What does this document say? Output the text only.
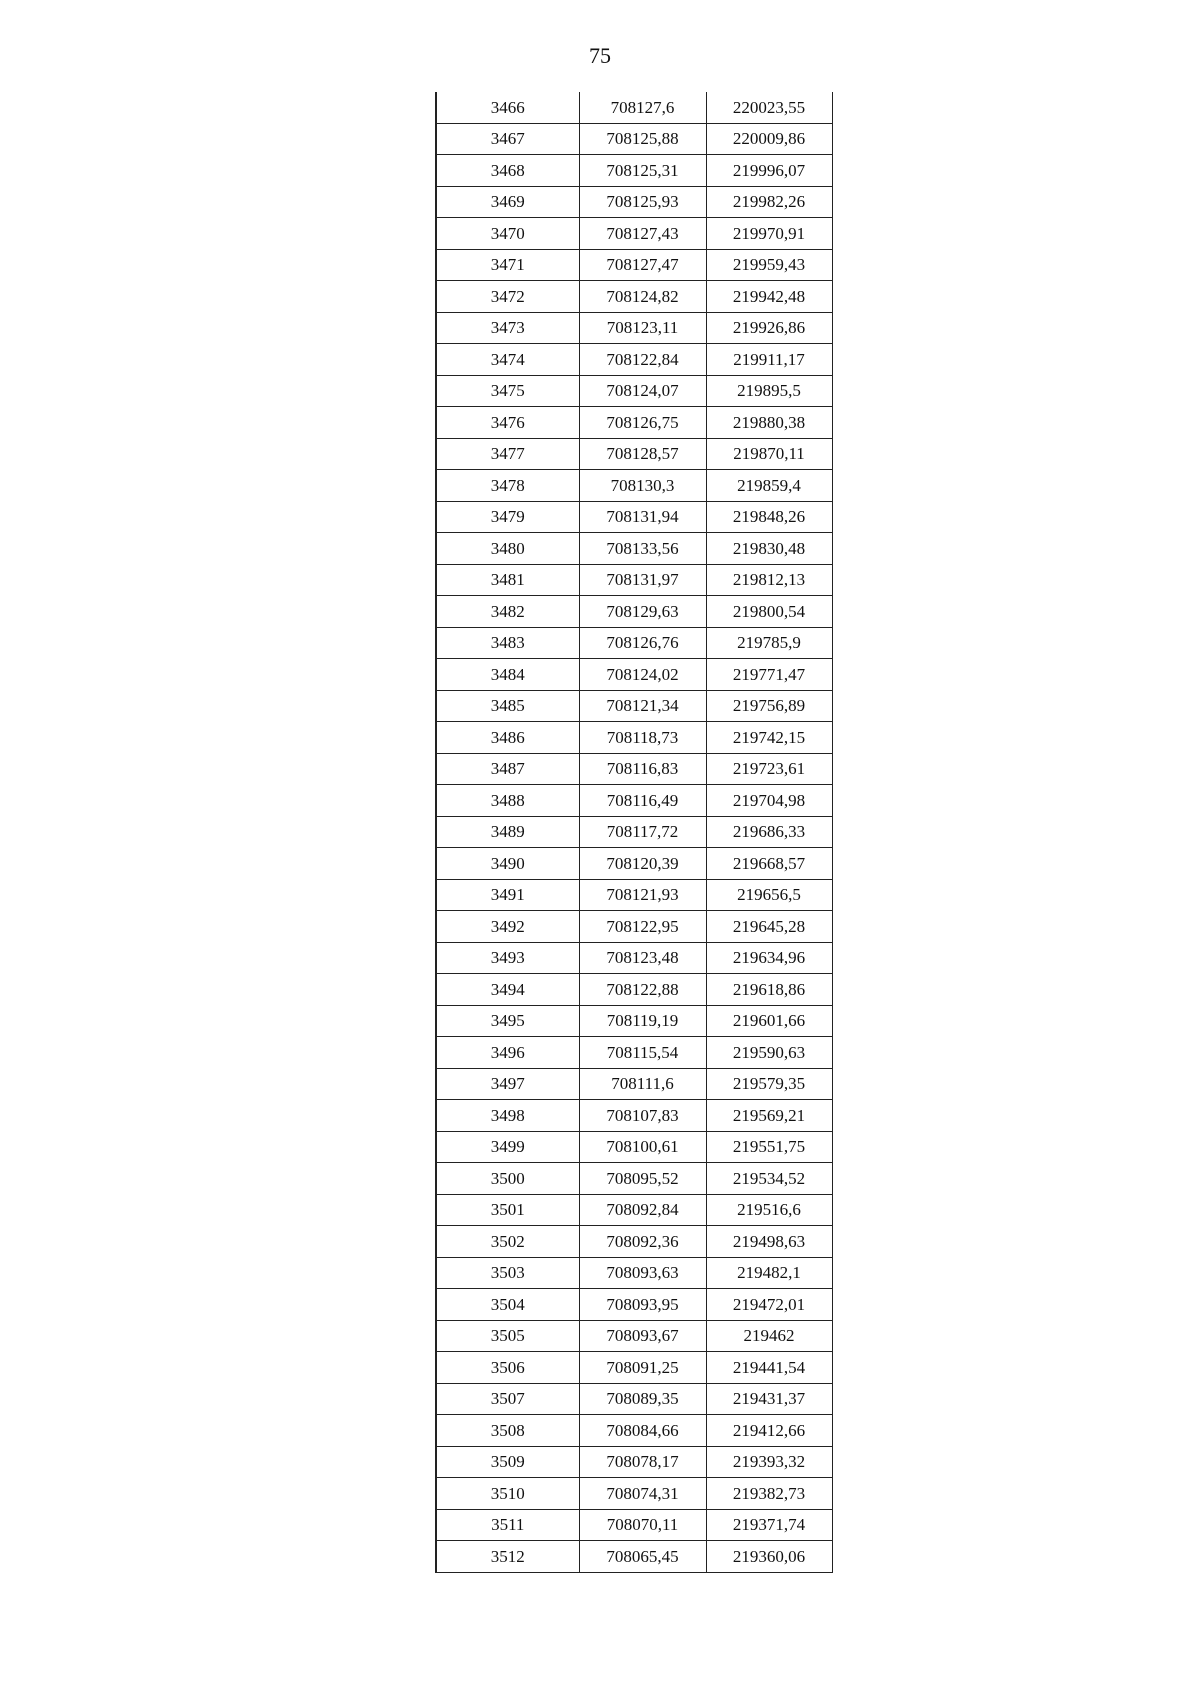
75
3466	708127,6	220023,55
3467	708125,88	220009,86
3468	708125,31	219996,07
3469	708125,93	219982,26
3470	708127,43	219970,91
3471	708127,47	219959,43
3472	708124,82	219942,48
3473	708123,11	219926,86
3474	708122,84	219911,17
3475	708124,07	219895,5
3476	708126,75	219880,38
3477	708128,57	219870,11
3478	708130,3	219859,4
3479	708131,94	219848,26
3480	708133,56	219830,48
3481	708131,97	219812,13
3482	708129,63	219800,54
3483	708126,76	219785,9
3484	708124,02	219771,47
3485	708121,34	219756,89
3486	708118,73	219742,15
3487	708116,83	219723,61
3488	708116,49	219704,98
3489	708117,72	219686,33
3490	708120,39	219668,57
3491	708121,93	219656,5
3492	708122,95	219645,28
3493	708123,48	219634,96
3494	708122,88	219618,86
3495	708119,19	219601,66
3496	708115,54	219590,63
3497	708111,6	219579,35
3498	708107,83	219569,21
3499	708100,61	219551,75
3500	708095,52	219534,52
3501	708092,84	219516,6
3502	708092,36	219498,63
3503	708093,63	219482,1
3504	708093,95	219472,01
3505	708093,67	219462
3506	708091,25	219441,54
3507	708089,35	219431,37
3508	708084,66	219412,66
3509	708078,17	219393,32
3510	708074,31	219382,73
3511	708070,11	219371,74
3512	708065,45	219360,06
